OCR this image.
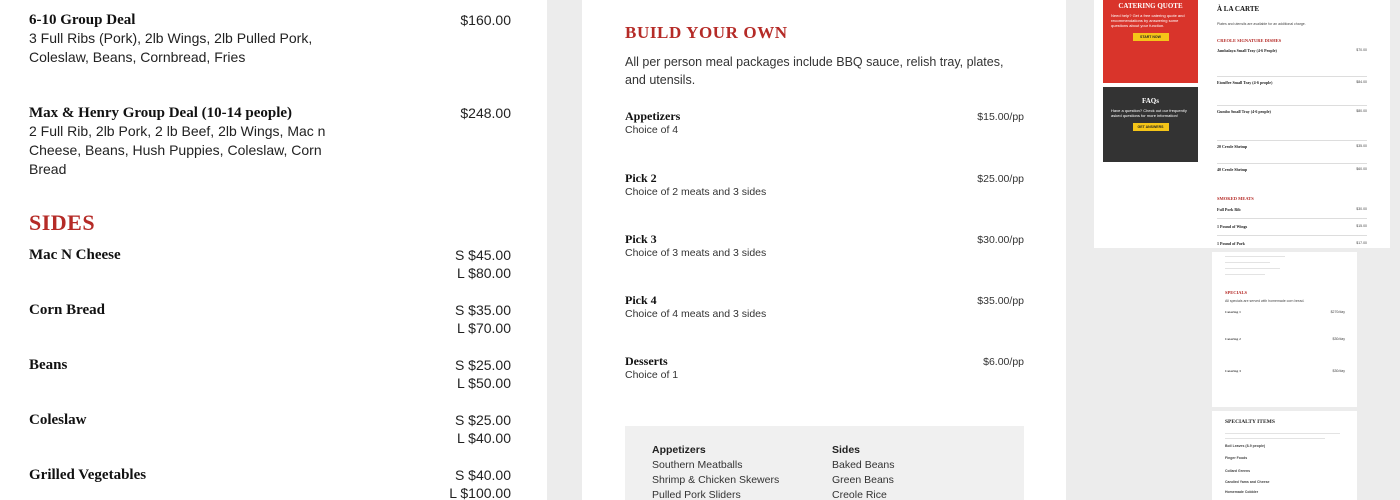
6-10 Group Deal
3 Full Ribs (Pork), 2lb Wings, 2lb Pulled Pork, Coleslaw, Beans, Cornbread, Fries
$160.00
Max & Henry Group Deal (10-14 people)
2 Full Rib, 2lb Pork, 2 lb Beef, 2lb Wings, Mac n Cheese, Beans, Hush Puppies, Coleslaw, Corn Bread
$248.00
SIDES
Mac N Cheese	S $45.00
L $80.00
Corn Bread	S $35.00
L $70.00
Beans	S $25.00
L $50.00
Coleslaw	S $25.00
L $40.00
Grilled Vegetables	S $40.00
L $100.00
BUILD YOUR OWN
All per person meal packages include BBQ sauce, relish tray, plates, and utensils.
Appetizers
Choice of 4
$15.00/pp
Pick 2
Choice of 2 meats and 3 sides
$25.00/pp
Pick 3
Choice of 3 meats and 3 sides
$30.00/pp
Pick 4
Choice of 4 meats and 3 sides
$35.00/pp
Desserts
Choice of 1
$6.00/pp
Appetizers
Southern Meatballs
Shrimp & Chicken Skewers
Pulled Pork Sliders
Sides
Baked Beans
Green Beans
Creole Rice
CATERING QUOTE
Need help? Get a free catering quote and recommendations by answering some questions about your function.
START NOW
FAQs
Have a question? Check out our frequently asked questions for more information!
GET ANSWERS
À LA CARTE
Plates and utensils are available for an additional charge.
CREOLE SIGNATURE DISHES
Jambalaya Small Tray (4-6 People)	$70.00
Etouffee Small Tray (4-6 people)	$84.00
Gumbo Small Tray (4-6 people)	$80.00
20 Creole Shrimp	$35.00
40 Creole Shrimp	$60.00
SMOKED MEATS
Full Pork Rib	$30.00
1 Pound of Wings	$15.00
1 Pound of Pork	$17.00
SPECIALS
All specials are served with homemade corn bread.
Catering 1	$270/day
Catering 2	$30/day
Catering 3	$30/day
SPECIALTY ITEMS
Boil Leaves (8-9 people)
Finger Foods
Collard Greens
Candied Yams and Cheese
Homemade Cobbler
